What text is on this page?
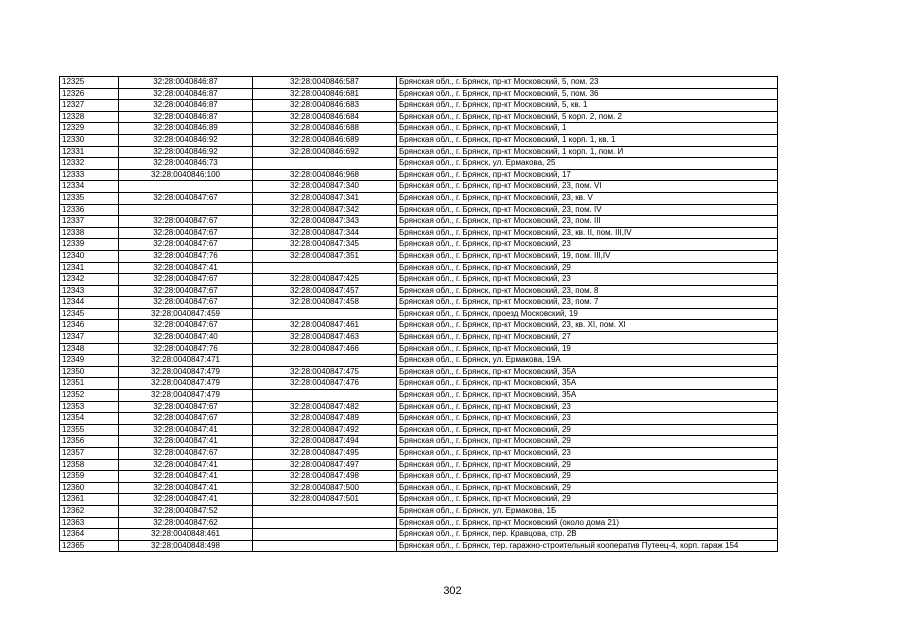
12325	32:28:0040846:87	32:28:0040846:587	Брянская обл., г. Брянск, пр-кт Московский, 5, пом. 23
12326	32:28:0040846:87	32:28:0040846:681	Брянская обл., г. Брянск, пр-кт Московский, 5, пом. 36
12327	32:28:0040846:87	32:28:0040846:683	Брянская обл., г. Брянск, пр-кт Московский, 5, кв. 1
12328	32:28:0040846:87	32:28:0040846:684	Брянская обл., г. Брянск, пр-кт Московский, 5 корп. 2, пом. 2
12329	32:28:0040846:89	32:28:0040846:688	Брянская обл., г. Брянск, пр-кт Московский, 1
12330	32:28:0040846:92	32:28:0040846:689	Брянская обл., г. Брянск, пр-кт Московский, 1 корп. 1, кв. 1
12331	32:28:0040846:92	32:28:0040846:692	Брянская обл., г. Брянск, пр-кт Московский, 1 корп. 1, пом. И
12332	32:28:0040846:73		Брянская обл., г. Брянск, ул. Ермакова, 25
12333	32:28:0040846:100	32:28:0040846:968	Брянская обл., г. Брянск, пр-кт Московский, 17
12334		32:28:0040847:340	Брянская обл., г. Брянск, пр-кт Московский, 23, пом. VI
12335	32:28:0040847:67	32:28:0040847:341	Брянская обл., г. Брянск, пр-кт Московский, 23, кв. V
12336		32:28:0040847:342	Брянская обл., г. Брянск, пр-кт Московский, 23, пом. IV
12337	32:28:0040847:67	32:28:0040847:343	Брянская обл., г. Брянск, пр-кт Московский, 23, пом. III
12338	32:28:0040847:67	32:28:0040847:344	Брянская обл., г. Брянск, пр-кт Московский, 23, кв. II, пом. III,IV
12339	32:28:0040847:67	32:28:0040847:345	Брянская обл., г. Брянск, пр-кт Московский, 23
12340	32:28:0040847:76	32:28:0040847:351	Брянская обл., г. Брянск, пр-кт Московский, 19, пом. III,IV
12341	32:28:0040847:41		Брянская обл., г. Брянск, пр-кт Московский, 29
12342	32:28:0040847:67	32:28:0040847:425	Брянская обл., г. Брянск, пр-кт Московский, 23
12343	32:28:0040847:67	32:28:0040847:457	Брянская обл., г. Брянск, пр-кт Московский, 23, пом. 8
12344	32:28:0040847:67	32:28:0040847:458	Брянская обл., г. Брянск, пр-кт Московский, 23, пом. 7
12345	32:28:0040847:459		Брянская обл., г. Брянск, проезд Московский, 19
12346	32:28:0040847:67	32:28:0040847:461	Брянская обл., г. Брянск, пр-кт Московский, 23, кв. XI, пом. XI
12347	32:28:0040847:40	32:28:0040847:463	Брянская обл., г. Брянск, пр-кт Московский, 27
12348	32:28:0040847:76	32:28:0040847:466	Брянская обл., г. Брянск, пр-кт Московский, 19
12349	32:28:0040847:471		Брянская обл., г. Брянск, ул. Ермакова, 19А
12350	32:28:0040847:479	32:28:0040847:475	Брянская обл., г. Брянск, пр-кт Московский, 35А
12351	32:28:0040847:479	32:28:0040847:476	Брянская обл., г. Брянск, пр-кт Московский, 35А
12352	32:28:0040847:479		Брянская обл., г. Брянск, пр-кт Московский, 35А
12353	32:28:0040847:67	32:28:0040847:482	Брянская обл., г. Брянск, пр-кт Московский, 23
12354	32:28:0040847:67	32:28:0040847:489	Брянская обл., г. Брянск, пр-кт Московский, 23
12355	32:28:0040847:41	32:28:0040847:492	Брянская обл., г. Брянск, пр-кт Московский, 29
12356	32:28:0040847:41	32:28:0040847:494	Брянская обл., г. Брянск, пр-кт Московский, 29
12357	32:28:0040847:67	32:28:0040847:495	Брянская обл., г. Брянск, пр-кт Московский, 23
12358	32:28:0040847:41	32:28:0040847:497	Брянская обл., г. Брянск, пр-кт Московский, 29
12359	32:28:0040847:41	32:28:0040847:498	Брянская обл., г. Брянск, пр-кт Московский, 29
12360	32:28:0040847:41	32:28:0040847:500	Брянская обл., г. Брянск, пр-кт Московский, 29
12361	32:28:0040847:41	32:28:0040847:501	Брянская обл., г. Брянск, пр-кт Московский, 29
12362	32:28:0040847:52		Брянская обл., г. Брянск, ул. Ермакова, 1Б
12363	32:28:0040847:62		Брянская обл., г. Брянск, пр-кт Московский (около дома 21)
12364	32:28:0040848:461		Брянская обл., г. Брянск, пер. Кравцова, стр. 2В
12365	32:28:0040848:498		Брянская обл., г. Брянск, тер. гаражно-строительный кооператив Путеец-4, корп. гараж 154
302
